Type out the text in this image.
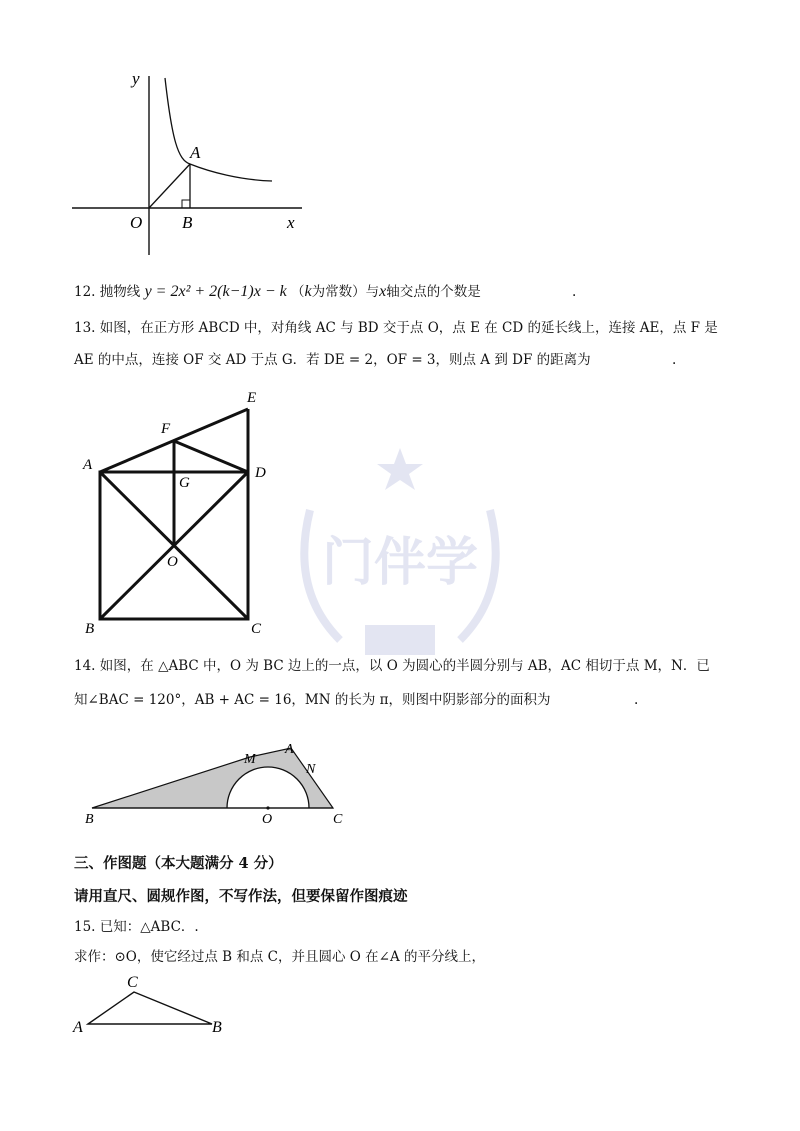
门伴学
y
A
O B	x
12. 抛物线 y = 2x² + 2(k−1)x − k （k为常数）与x轴交点的个数是	.
13. 如图，在正方形 ABCD 中，对角线 AC 与 BD 交于点 O，点 E 在 CD 的延长线上，连接 AE，点 F 是
AE 的中点，连接 OF 交 AD 于点 G．若 DE = 2，OF = 3，则点 A 到 DF 的距离为	.
E
F
A
G
D
O
B	C
14. 如图，在 △ABC 中，O 为 BC 边上的一点，以 O 为圆心的半圆分别与 AB，AC 相切于点 M，N．已
知∠BAC = 120°，AB + AC = 16，MN 的长为 π，则图中阴影部分的面积为	.
M
A
N
B	O	C
三、作图题（本大题满分 4 分）
请用直尺、圆规作图，不写作法，但要保留作图痕迹
15. 已知：△ABC．.
求作：⊙O，使它经过点 B 和点 C，并且圆心 O 在∠A 的平分线上，
C
A	B
